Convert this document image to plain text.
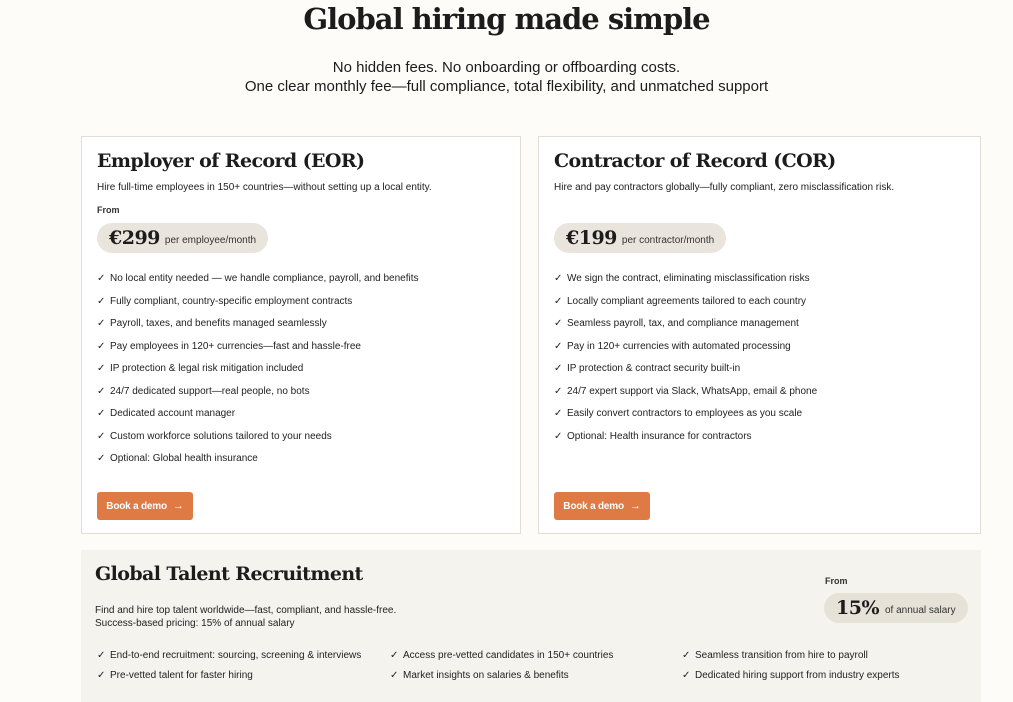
Global hiring made simple

No hidden fees. No onboarding or offboarding costs.

One clear monthly fee—full compliance, total flexibility, and unmatched support

Employer of Record (EOR)

Hire full-time employees in 150+ countries—without setting up a local entity.

From
€299 per employee/month
✓ No local entity needed — we handle compliance, payroll, and benefits
✓ Fully compliant, country-specific employment contracts
✓ Payroll, taxes, and benefits managed seamlessly
✓ Pay employees in 120+ currencies—fast and hassle-free
✓ IP protection & legal risk mitigation included
✓ 24/7 dedicated support—real people, no bots
✓ Dedicated account manager
✓ Custom workforce solutions tailored to your needs
✓ Optional: Global health insurance
Book a demo →
Contractor of Record (COR)

Hire and pay contractors globally—fully compliant, zero misclassification risk.

€199 per contractor/month
✓ We sign the contract, eliminating misclassification risks
✓ Locally compliant agreements tailored to each country
✓ Seamless payroll, tax, and compliance management
✓ Pay in 120+ currencies with automated processing
✓ IP protection & contract security built-in
✓ 24/7 expert support via Slack, WhatsApp, email & phone
✓ Easily convert contractors to employees as you scale
✓ Optional: Health insurance for contractors
Book a demo →
Global Talent Recruitment
Find and hire top talent worldwide—fast, compliant, and hassle-free.
Success-based pricing: 15% of annual salary
From
15% of annual salary
✓ End-to-end recruitment: sourcing, screening & interviews	✓ Access pre-vetted candidates in 150+ countries	✓ Seamless transition from hire to payroll
✓ Pre-vetted talent for faster hiring	✓ Market insights on salaries & benefits	✓ Dedicated hiring support from industry experts
